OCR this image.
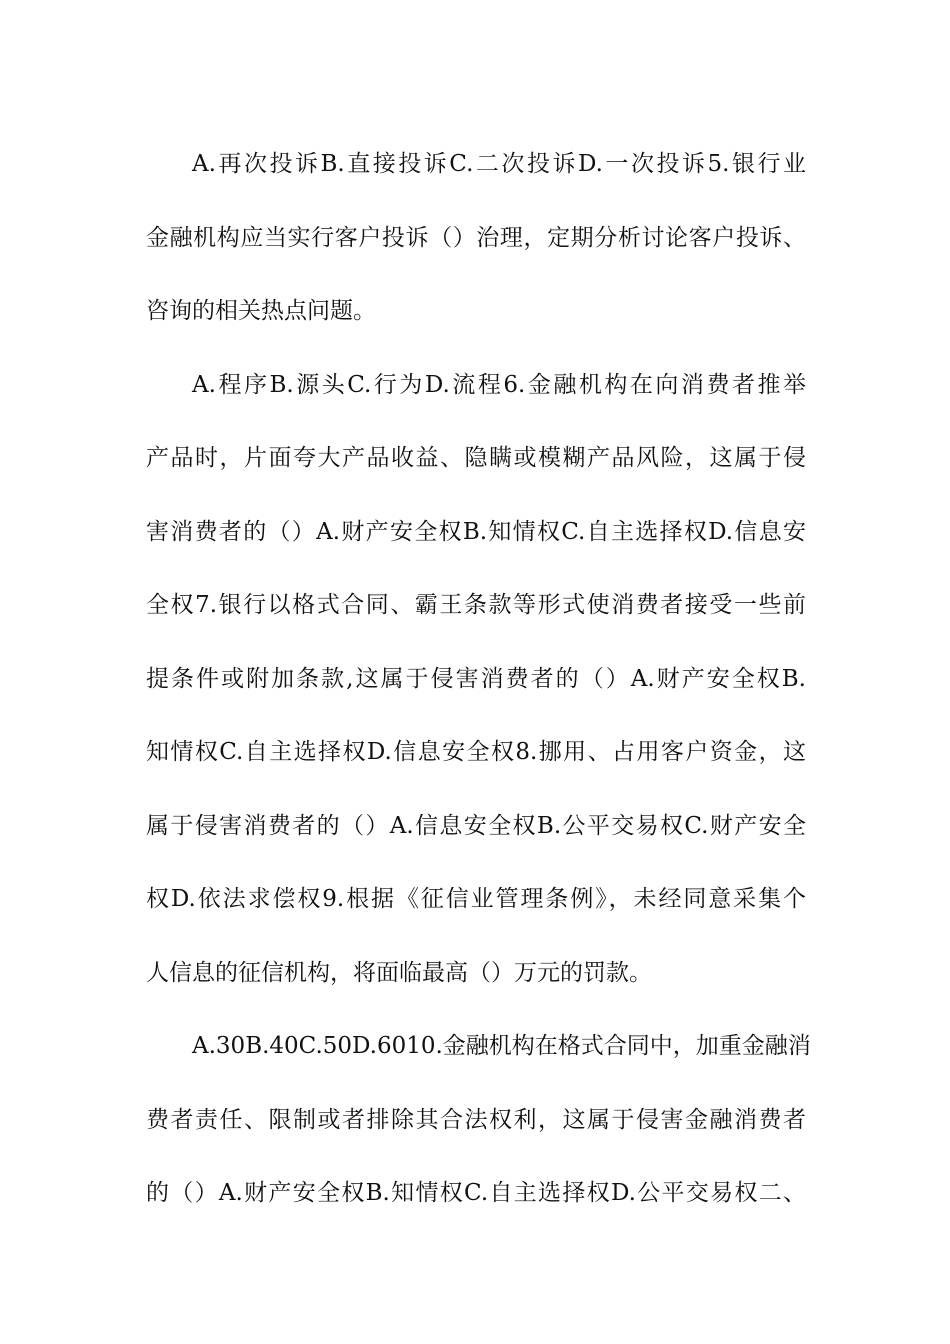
A.再次投诉B.直接投诉C.二次投诉D.一次投诉5.银行业
金融机构应当实行客户投诉（）治理，定期分析讨论客户投诉、
咨询的相关热点问题。
A.程序B.源头C.行为D.流程6.金融机构在向消费者推举
产品时，片面夸大产品收益、隐瞒或模糊产品风险，这属于侵
害消费者的（）A.财产安全权B.知情权C.自主选择权D.信息安
全权7.银行以格式合同、霸王条款等形式使消费者接受一些前
提条件或附加条款,这属于侵害消费者的（）A.财产安全权B.
知情权C.自主选择权D.信息安全权8.挪用、占用客户资金，这
属于侵害消费者的（）A.信息安全权B.公平交易权C.财产安全
权D.依法求偿权9.根据《征信业管理条例》，未经同意采集个
人信息的征信机构，将面临最高（）万元的罚款。
A.30B.40C.50D.6010.金融机构在格式合同中，加重金融消
费者责任、限制或者排除其合法权利，这属于侵害金融消费者
的（）A.财产安全权B.知情权C.自主选择权D.公平交易权二、
